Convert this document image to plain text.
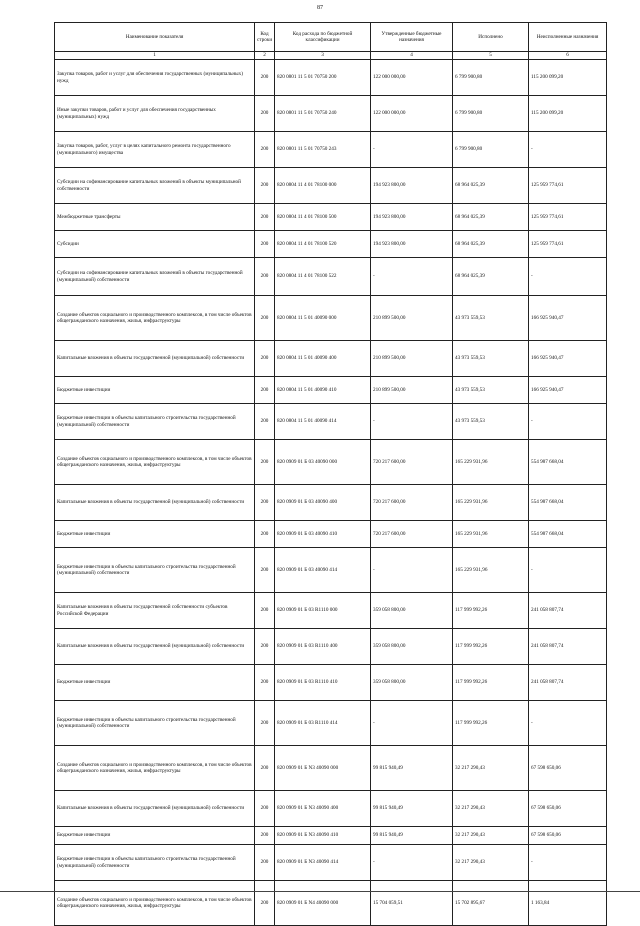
87
Наименование показателя	Код строки	Код расхода по бюджетной классификации	Утвержденные бюджетные назначения	Исполнено	Неисполненные назначения
1	2	3	4	5	6
Закупка товаров, работ и услуг для обеспечения государственных (муниципальных) нужд	200	820 0801 11 5 01 70750 200	122 000 000,00	6 799 900,80	115 200 099,20
Иные закупки товаров, работ и услуг для обеспечения государственных (муниципальных) нужд	200	820 0801 11 5 01 70750 240	122 000 000,00	6 799 900,80	115 200 099,20
Закупка товаров, работ, услуг в целях капитального ремонта государственного (муниципального) имущества	200	820 0801 11 5 01 70750 243	-	6 799 900,80	-
Субсидии на софинансирование капитальных вложений в объекты муниципальной собственности	200	820 0804 11 4 01 78100 000	194 923 800,00	68 964 025,39	125 959 774,61
Межбюджетные трансферты	200	820 0804 11 4 01 78100 500	194 923 800,00	68 964 025,39	125 959 774,61
Субсидии	200	820 0804 11 4 01 78100 520	194 923 800,00	68 964 025,39	125 959 774,61
Субсидии на софинансирование капитальных вложений в объекты государственной (муниципальной) собственности	200	820 0804 11 4 01 78100 522	-	68 964 025,39	-
Создание объектов социального и производственного комплексов, в том числе объектов общегражданского назначения, жилья, инфраструктуры	200	820 0804 11 5 01 40090 000	210 899 500,00	43 973 559,53	166 925 940,47
Капитальные вложения в объекты государственной (муниципальной) собственности	200	820 0804 11 5 01 40090 400	210 899 500,00	43 973 559,53	166 925 940,47
Бюджетные инвестиции	200	820 0804 11 5 01 40090 410	210 899 500,00	43 973 559,53	166 925 940,47
Бюджетные инвестиции в объекты капитального строительства государственной (муниципальной) собственности	200	820 0804 11 5 01 40090 414	-	43 973 559,53	-
Создание объектов социального и производственного комплексов, в том числе объектов общегражданского назначения, жилья, инфраструктуры	200	820 0909 01 Б 03 40090 000	720 217 600,00	165 229 931,96	554 987 668,04
Капитальные вложения в объекты государственной (муниципальной) собственности	200	820 0909 01 Б 03 40090 400	720 217 600,00	165 229 931,96	554 987 668,04
Бюджетные инвестиции	200	820 0909 01 Б 03 40090 410	720 217 600,00	165 229 931,96	554 987 668,04
Бюджетные инвестиции в объекты капитального строительства государственной (муниципальной) собственности	200	820 0909 01 Б 03 40090 414	-	165 229 931,96	-
Капитальные вложения в объекты государственной собственности субъектов Российской Федерации	200	820 0909 01 Б 03 R1110 000	359 058 800,00	117 999 992,26	241 058 807,74
Капитальные вложения в объекты государственной (муниципальной) собственности	200	820 0909 01 Б 03 R1110 400	359 058 800,00	117 999 992,26	241 058 807,74
Бюджетные инвестиции	200	820 0909 01 Б 03 R1110 410	359 058 800,00	117 999 992,26	241 058 807,74
Бюджетные инвестиции в объекты капитального строительства государственной (муниципальной) собственности	200	820 0909 01 Б 03 R1110 414	-	117 999 992,26	-
Создание объектов социального и производственного комплексов, в том числе объектов общегражданского назначения, жилья, инфраструктуры	200	820 0909 01 Б N3 40090 000	99 815 940,49	32 217 290,43	67 598 650,06
Капитальные вложения в объекты государственной (муниципальной) собственности	200	820 0909 01 Б N3 40090 400	99 815 940,49	32 217 290,43	67 598 650,06
Бюджетные инвестиции	200	820 0909 01 Б N3 40090 410	99 815 940,49	32 217 290,43	67 598 650,06
Бюджетные инвестиции в объекты капитального строительства государственной (муниципальной) собственности	200	820 0909 01 Б N3 40090 414	-	32 217 290,43	-
Создание объектов социального и производственного комплексов, в том числе объектов общегражданского назначения, жилья, инфраструктуры	200	820 0909 01 Б N4 40090 000	15 704 059,51	15 702 895,67	1 163,84
